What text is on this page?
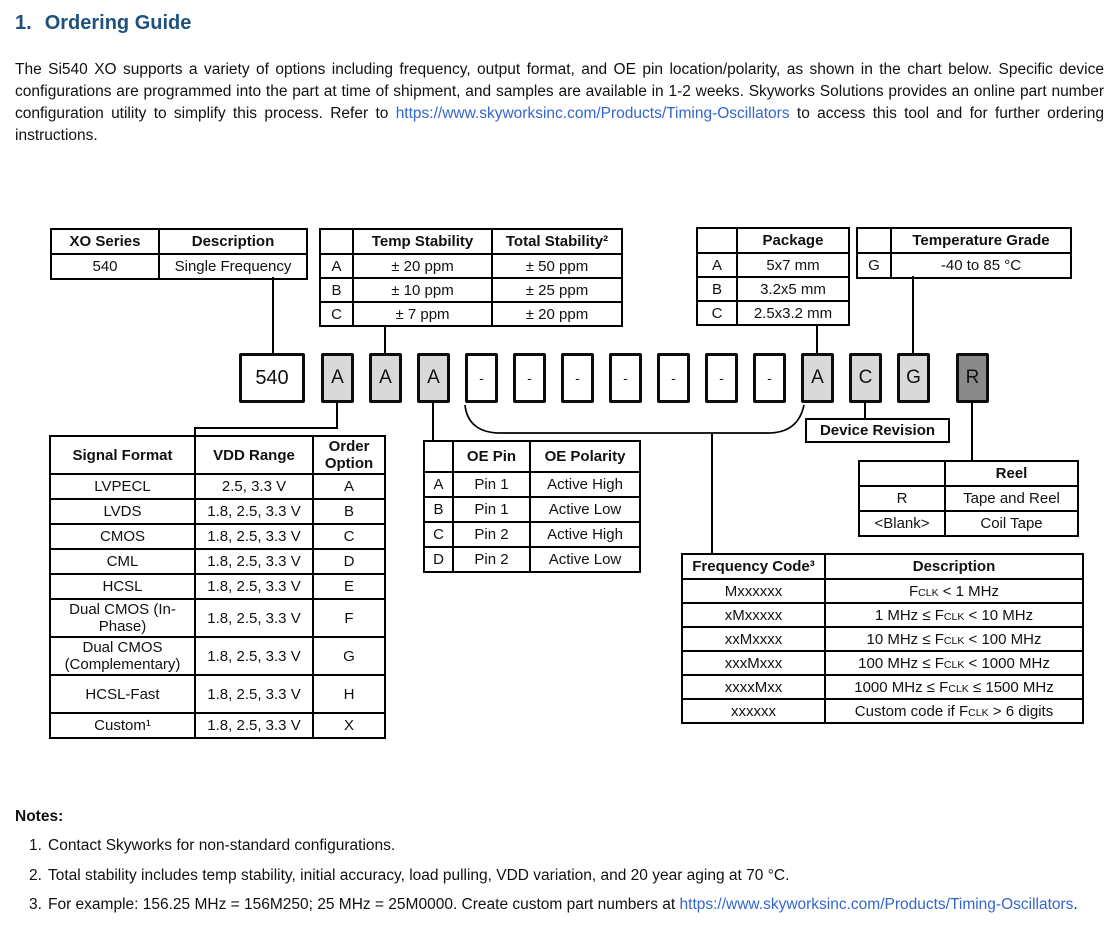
1. Ordering Guide
The Si540 XO supports a variety of options including frequency, output format, and OE pin location/polarity, as shown in the chart below. Specific device configurations are programmed into the part at time of shipment, and samples are available in 1-2 weeks. Skyworks Solutions provides an online part number configuration utility to simplify this process. Refer to https://www.skyworksinc.com/Products/Timing-Oscillators to access this tool and for further ordering instructions.
XO Series	Description
540	Single Frequency
	Temp Stability	Total Stability²
A	± 20 ppm	± 50 ppm
B	± 10 ppm	± 25 ppm
C	± 7 ppm	± 20 ppm
	Package
A	5x7 mm
B	3.2x5 mm
C	2.5x3.2 mm
	Temperature Grade
G	-40 to 85 °C
540	A	A	A	-	-	-	-	-	-	-	A	C	G	R
Signal Format	VDD Range	Order Option
LVPECL	2.5, 3.3 V	A
LVDS	1.8, 2.5, 3.3 V	B
CMOS	1.8, 2.5, 3.3 V	C
CML	1.8, 2.5, 3.3 V	D
HCSL	1.8, 2.5, 3.3 V	E
Dual CMOS (In-Phase)	1.8, 2.5, 3.3 V	F
Dual CMOS (Complementary)	1.8, 2.5, 3.3 V	G
HCSL-Fast	1.8, 2.5, 3.3 V	H
Custom¹	1.8, 2.5, 3.3 V	X
	OE Pin	OE Polarity
A	Pin 1	Active High
B	Pin 1	Active Low
C	Pin 2	Active High
D	Pin 2	Active Low
Device Revision
	Reel
R	Tape and Reel
<Blank>	Coil Tape
Frequency Code³	Description
Mxxxxxx	FCLK < 1 MHz
xMxxxxx	1 MHz ≤ FCLK < 10 MHz
xxMxxxx	10 MHz ≤ FCLK < 100 MHz
xxxMxxx	100 MHz ≤ FCLK < 1000 MHz
xxxxMxx	1000 MHz ≤ FCLK ≤ 1500 MHz
xxxxxx	Custom code if FCLK > 6 digits
Notes:
1. Contact Skyworks for non-standard configurations.
2. Total stability includes temp stability, initial accuracy, load pulling, VDD variation, and 20 year aging at 70 °C.
3. For example: 156.25 MHz = 156M250; 25 MHz = 25M0000. Create custom part numbers at https://www.skyworksinc.com/Products/Timing-Oscillators.
